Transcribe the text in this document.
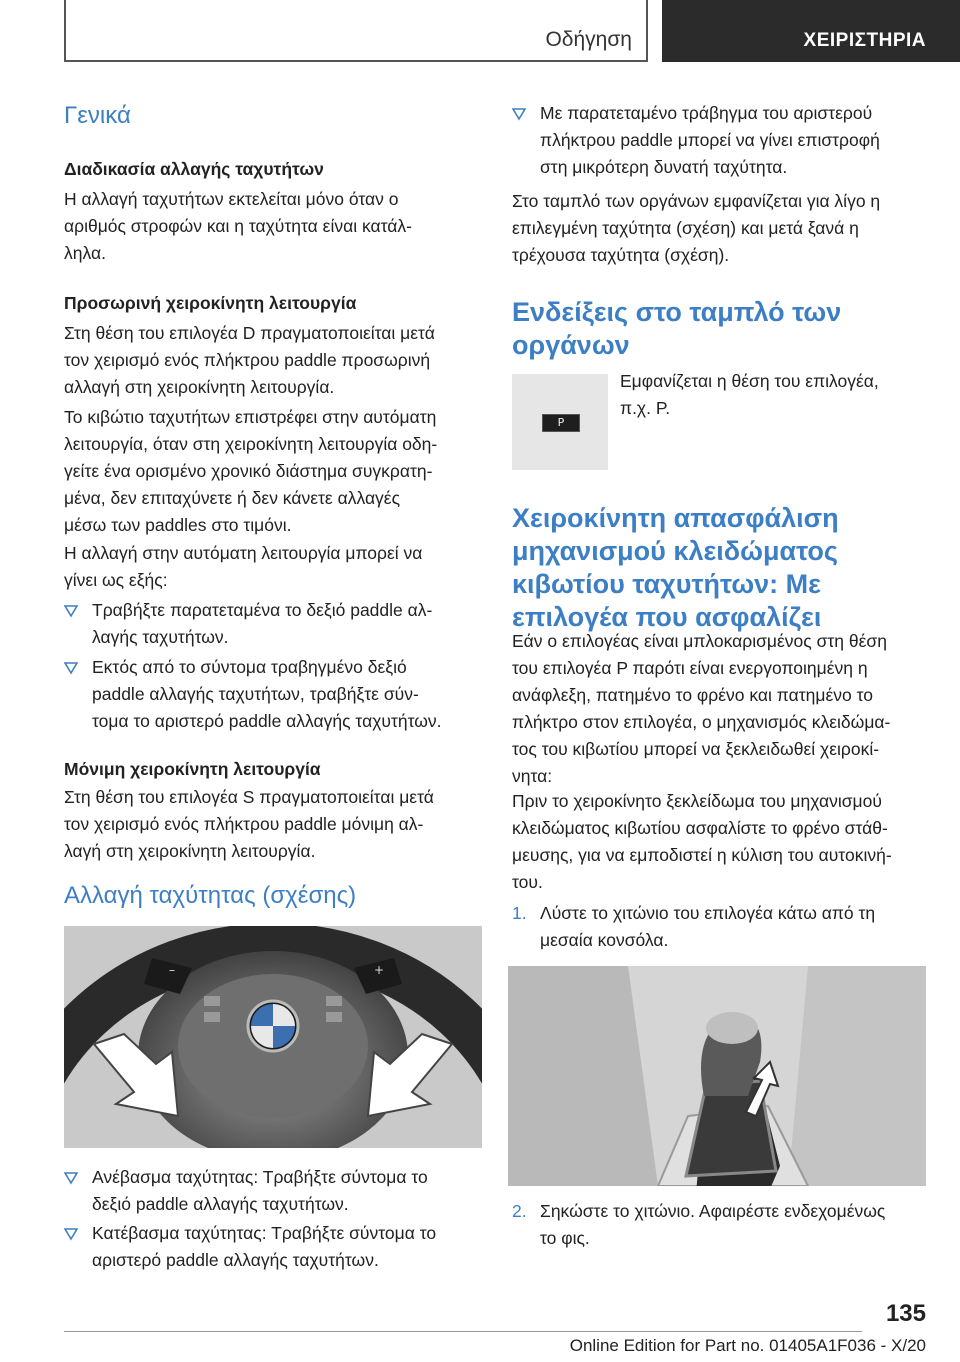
Οδήγηση	ΧΕΙΡΙΣΤΗΡΙΑ
Γενικά
Διαδικασία αλλαγής ταχυτήτων
Η αλλαγή ταχυτήτων εκτελείται μόνο όταν ο
αριθμός στροφών και η ταχύτητα είναι κατάλ-
ληλα.
Προσωρινή χειροκίνητη λειτουργία
Στη θέση του επιλογέα D πραγματοποιείται μετά
τον χειρισμό ενός πλήκτρου paddle προσωρινή
αλλαγή στη χειροκίνητη λειτουργία.
Το κιβώτιο ταχυτήτων επιστρέφει στην αυτόματη
λειτουργία, όταν στη χειροκίνητη λειτουργία οδη-
γείτε ένα ορισμένο χρονικό διάστημα συγκρατη-
μένα, δεν επιταχύνετε ή δεν κάνετε αλλαγές
μέσω των paddles στο τιμόνι.
Η αλλαγή στην αυτόματη λειτουργία μπορεί να
γίνει ως εξής:
Τραβήξτε παρατεταμένα το δεξιό paddle αλ-
λαγής ταχυτήτων.
Εκτός από το σύντομα τραβηγμένο δεξιό
paddle αλλαγής ταχυτήτων, τραβήξτε σύν-
τομα το αριστερό paddle αλλαγής ταχυτήτων.
Μόνιμη χειροκίνητη λειτουργία
Στη θέση του επιλογέα S πραγματοποιείται μετά
τον χειρισμό ενός πλήκτρου paddle μόνιμη αλ-
λαγή στη χειροκίνητη λειτουργία.
Αλλαγή ταχύτητας (σχέσης)
–	+
Ανέβασμα ταχύτητας: Τραβήξτε σύντομα το
δεξιό paddle αλλαγής ταχυτήτων.
Κατέβασμα ταχύτητας: Τραβήξτε σύντομα το
αριστερό paddle αλλαγής ταχυτήτων.
Με παρατεταμένο τράβηγμα του αριστερού
πλήκτρου paddle μπορεί να γίνει επιστροφή
στη μικρότερη δυνατή ταχύτητα.
Στο ταμπλό των οργάνων εμφανίζεται για λίγο η
επιλεγμένη ταχύτητα (σχέση) και μετά ξανά η
τρέχουσα ταχύτητα (σχέση).
Ενδείξεις στο ταμπλό των
οργάνων
P
Εμφανίζεται η θέση του επιλογέα,
π.χ. P.
Χειροκίνητη απασφάλιση
μηχανισμού κλειδώματος
κιβωτίου ταχυτήτων: Με
επιλογέα που ασφαλίζει
Εάν ο επιλογέας είναι μπλοκαρισμένος στη θέση
του επιλογέα P παρότι είναι ενεργοποιημένη η
ανάφλεξη, πατημένο το φρένο και πατημένο το
πλήκτρο στον επιλογέα, ο μηχανισμός κλειδώμα-
τος του κιβωτίου μπορεί να ξεκλειδωθεί χειροκί-
νητα:
Πριν το χειροκίνητο ξεκλείδωμα του μηχανισμού
κλειδώματος κιβωτίου ασφαλίστε το φρένο στάθ-
μευσης, για να εμποδιστεί η κύλιση του αυτοκινή-
του.
1. Λύστε το χιτώνιο του επιλογέα κάτω από τη
μεσαία κονσόλα.
2. Σηκώστε το χιτώνιο. Αφαιρέστε ενδεχομένως
το φις.
135
Online Edition for Part no. 01405A1F036 - X/20
